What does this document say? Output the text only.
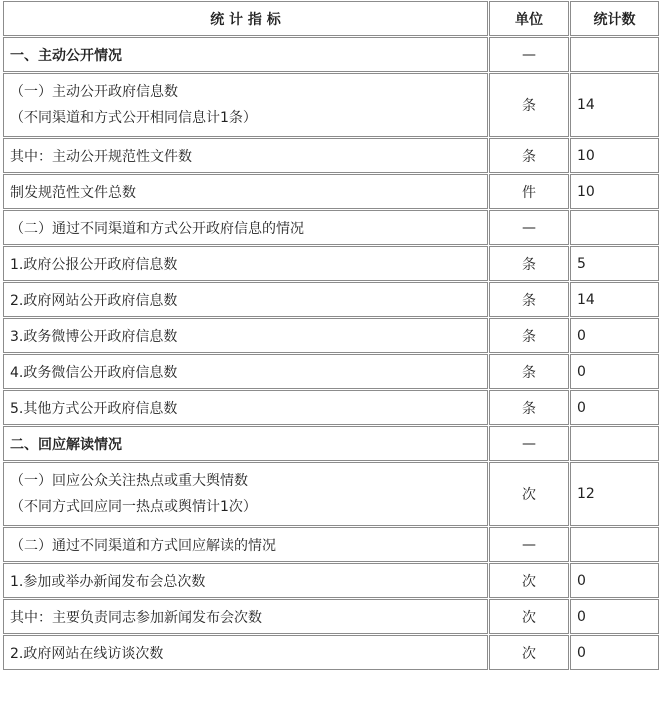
统 计 指 标	单位	统计数
一、主动公开情况	—	
（一）主动公开政府信息数
（不同渠道和方式公开相同信息计1条）	条	14
其中：主动公开规范性文件数	条	10
制发规范性文件总数	件	10
（二）通过不同渠道和方式公开政府信息的情况	—	
1.政府公报公开政府信息数	条	5
2.政府网站公开政府信息数	条	14
3.政务微博公开政府信息数	条	0
4.政务微信公开政府信息数	条	0
5.其他方式公开政府信息数	条	0
二、回应解读情况	—	
（一）回应公众关注热点或重大舆情数
（不同方式回应同一热点或舆情计1次）	次	12
（二）通过不同渠道和方式回应解读的情况	—	
1.参加或举办新闻发布会总次数	次	0
其中：主要负责同志参加新闻发布会次数	次	0
2.政府网站在线访谈次数	次	0
